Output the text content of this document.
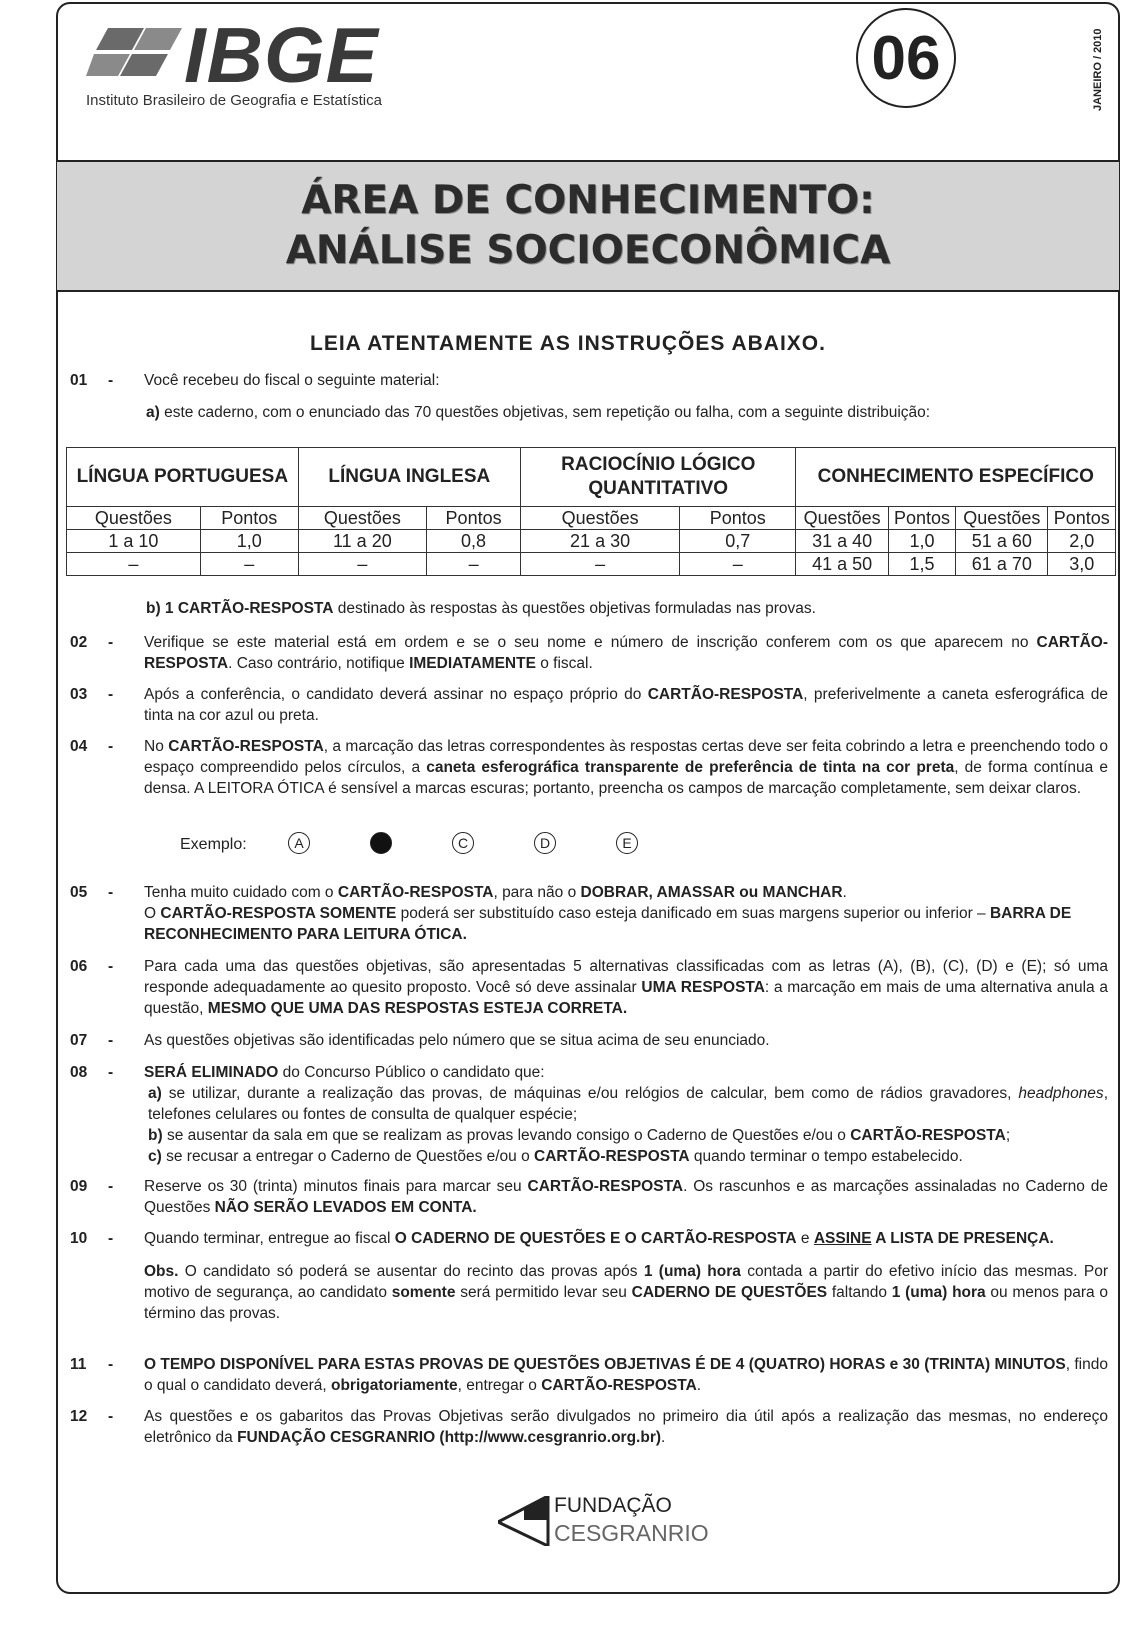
IBGE
Instituto Brasileiro de Geografia e Estatística
06	JANEIRO / 2010
ÁREA DE CONHECIMENTO:
ANÁLISE SOCIOECONÔMICA
LEIA ATENTAMENTE AS INSTRUÇÕES ABAIXO.
01	- Você recebeu do fiscal o seguinte material:
a) este caderno, com o enunciado das 70 questões objetivas, sem repetição ou falha, com a seguinte distribuição:
LÍNGUA PORTUGUESA		LÍNGUA INGLESA		RACIOCÍNIO LÓGICO QUANTITATIVO		CONHECIMENTO ESPECÍFICO			
Questões	Pontos	Questões	Pontos	Questões	Pontos	Questões	Pontos	Questões	Pontos
1 a 10	1,0	11 a 20	0,8	21 a 30	0,7	31 a 40	1,0	51 a 60	2,0
–	–	–	–	–	–	41 a 50	1,5	61 a 70	3,0
b) 1 CARTÃO-RESPOSTA destinado às respostas às questões objetivas formuladas nas provas.
02	- Verifique se este material está em ordem e se o seu nome e número de inscrição conferem com os que aparecem no CARTÃO-RESPOSTA. Caso contrário, notifique IMEDIATAMENTE o fiscal.
03	- Após a conferência, o candidato deverá assinar no espaço próprio do CARTÃO-RESPOSTA, preferivelmente a caneta esferográfica de tinta na cor azul ou preta.
04	- No CARTÃO-RESPOSTA, a marcação das letras correspondentes às respostas certas deve ser feita cobrindo a letra e preenchendo todo o espaço compreendido pelos círculos, a caneta esferográfica transparente de preferência de tinta na cor preta, de forma contínua e densa. A LEITORA ÓTICA é sensível a marcas escuras; portanto, preencha os campos de marcação completamente, sem deixar claros.
Exemplo:	A	C	D	E
05	- Tenha muito cuidado com o CARTÃO-RESPOSTA, para não o DOBRAR, AMASSAR ou MANCHAR.
O CARTÃO-RESPOSTA SOMENTE poderá ser substituído caso esteja danificado em suas margens superior ou inferior – BARRA DE RECONHECIMENTO PARA LEITURA ÓTICA.
06	- Para cada uma das questões objetivas, são apresentadas 5 alternativas classificadas com as letras (A), (B), (C), (D) e (E); só uma responde adequadamente ao quesito proposto. Você só deve assinalar UMA RESPOSTA: a marcação em mais de uma alternativa anula a questão, MESMO QUE UMA DAS RESPOSTAS ESTEJA CORRETA.
07	- As questões objetivas são identificadas pelo número que se situa acima de seu enunciado.
08	- SERÁ ELIMINADO do Concurso Público o candidato que:
a) se utilizar, durante a realização das provas, de máquinas e/ou relógios de calcular, bem como de rádios gravadores, headphones, telefones celulares ou fontes de consulta de qualquer espécie;
b) se ausentar da sala em que se realizam as provas levando consigo o Caderno de Questões e/ou o CARTÃO-RESPOSTA;
c) se recusar a entregar o Caderno de Questões e/ou o CARTÃO-RESPOSTA quando terminar o tempo estabelecido.
09	- Reserve os 30 (trinta) minutos finais para marcar seu CARTÃO-RESPOSTA. Os rascunhos e as marcações assinaladas no Caderno de Questões NÃO SERÃO LEVADOS EM CONTA.
10	- Quando terminar, entregue ao fiscal O CADERNO DE QUESTÕES E O CARTÃO-RESPOSTA e ASSINE A LISTA DE PRESENÇA.
Obs. O candidato só poderá se ausentar do recinto das provas após 1 (uma) hora contada a partir do efetivo início das mesmas. Por motivo de segurança, ao candidato somente será permitido levar seu CADERNO DE QUESTÕES faltando 1 (uma) hora ou menos para o término das provas.
11	- O TEMPO DISPONÍVEL PARA ESTAS PROVAS DE QUESTÕES OBJETIVAS É DE 4 (QUATRO) HORAS e 30 (TRINTA) MINUTOS, findo o qual o candidato deverá, obrigatoriamente, entregar o CARTÃO-RESPOSTA.
12	- As questões e os gabaritos das Provas Objetivas serão divulgados no primeiro dia útil após a realização das mesmas, no endereço eletrônico da FUNDAÇÃO CESGRANRIO (http://www.cesgranrio.org.br).
FUNDAÇÃO
CESGRANRIO
